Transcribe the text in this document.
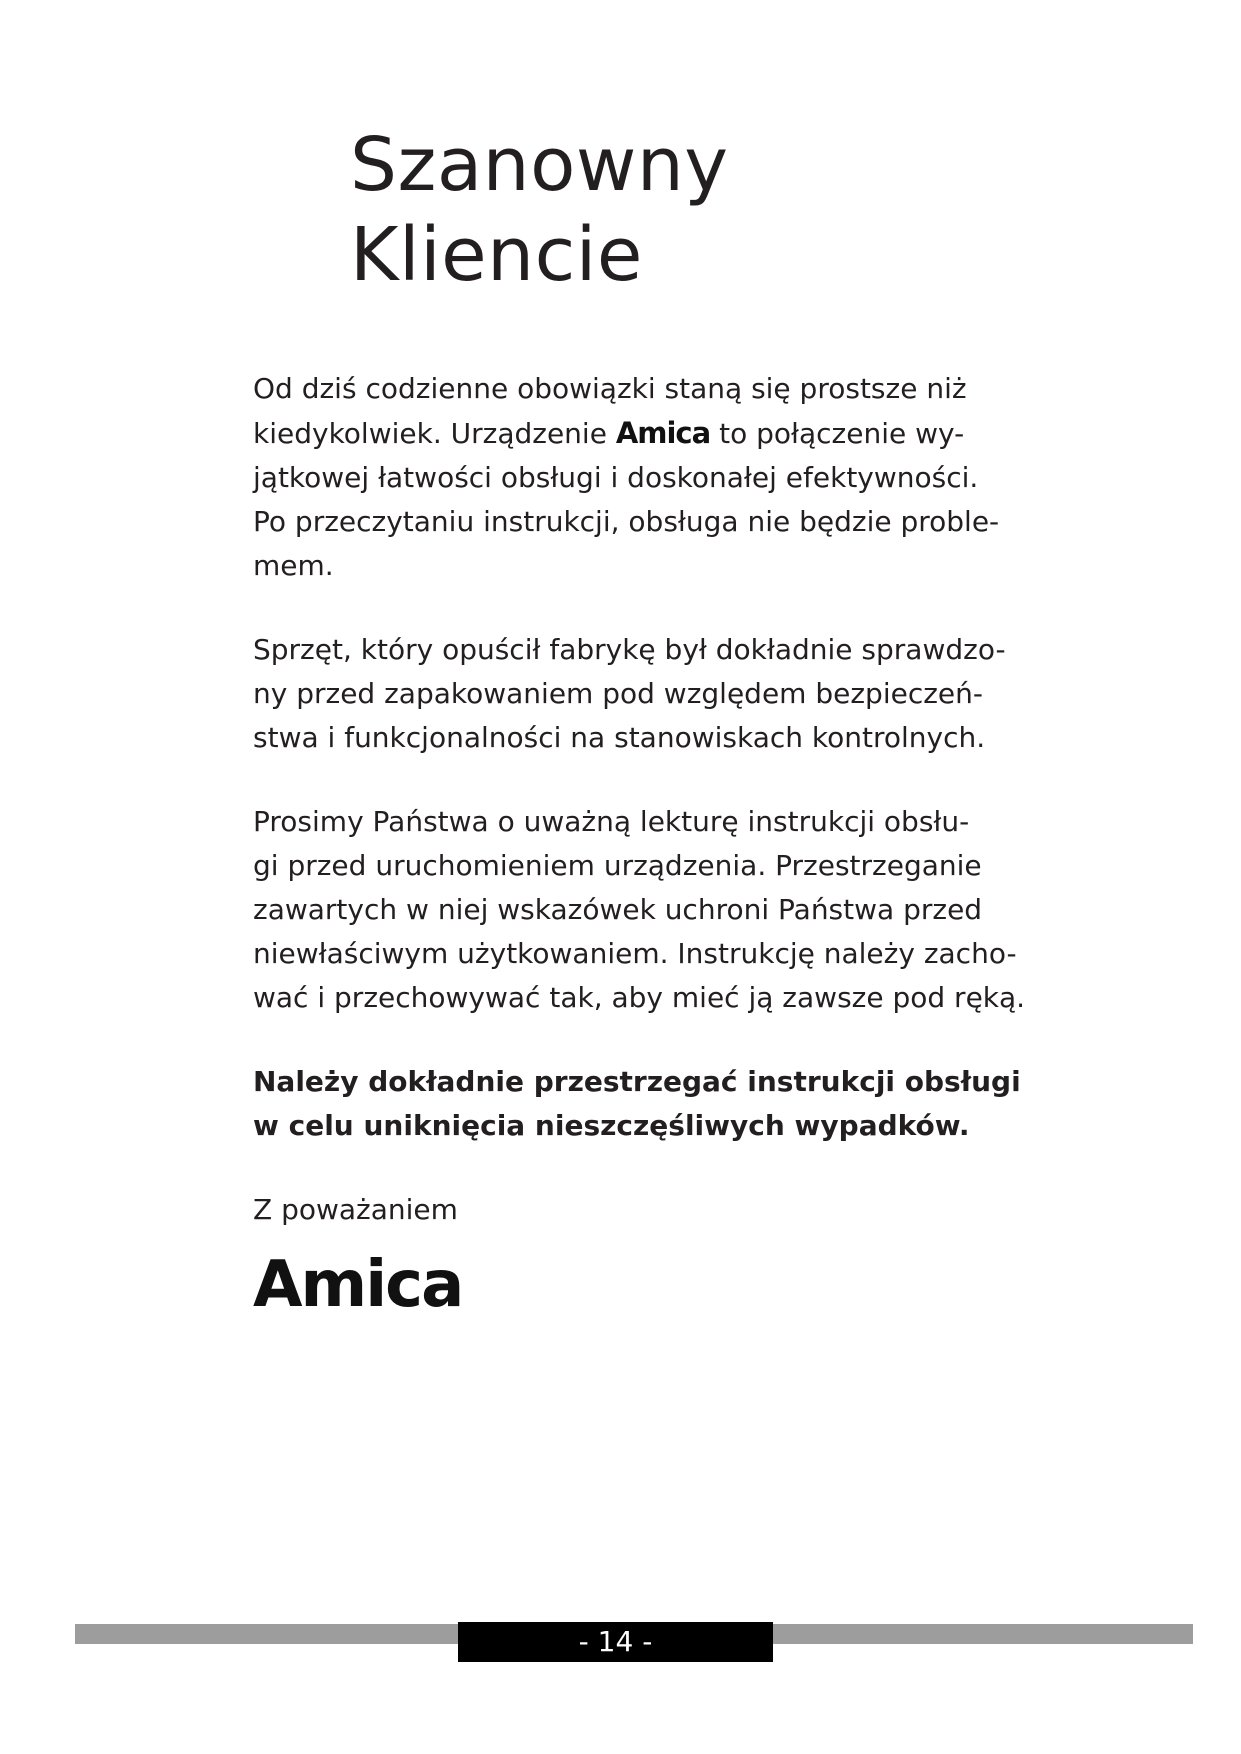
Szanowny
Kliencie

Od dziś codzienne obowiązki staną się prostsze niż
kiedykolwiek. Urządzenie Amica to połączenie wy-
jątkowej łatwości obsługi i doskonałej efektywności.
Po przeczytaniu instrukcji, obsługa nie będzie proble-
mem.

Sprzęt, który opuścił fabrykę był dokładnie sprawdzo-
ny przed zapakowaniem pod względem bezpieczeń-
stwa i funkcjonalności na stanowiskach kontrolnych.

Prosimy Państwa o uważną lekturę instrukcji obsłu-
gi przed uruchomieniem urządzenia. Przestrzeganie
zawartych w niej wskazówek uchroni Państwa przed
niewłaściwym użytkowaniem. Instrukcję należy zacho-
wać i przechowywać tak, aby mieć ją zawsze pod ręką.

Należy dokładnie przestrzegać instrukcji obsługi
w celu uniknięcia nieszczęśliwych wypadków.

Z poważaniem
Amica

- 14 -
